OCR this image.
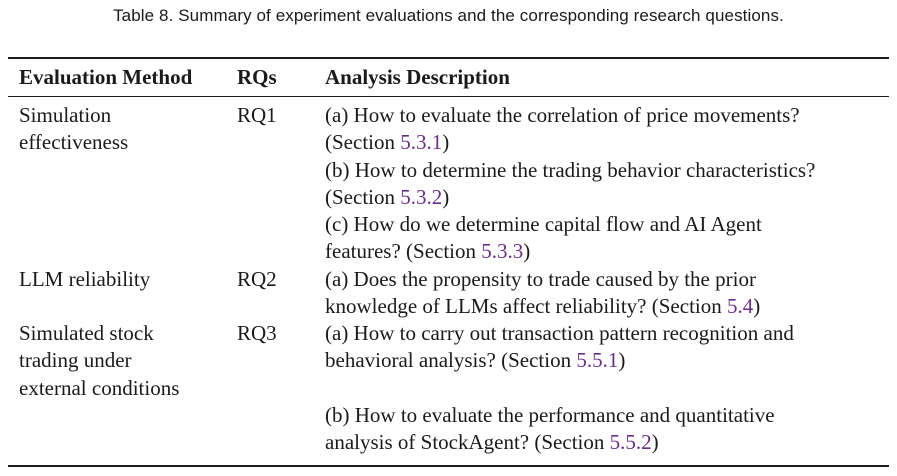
Table 8. Summary of experiment evaluations and the corresponding research questions.
Evaluation Method RQs Analysis Description
Simulation
effectiveness
RQ1 (a) How to evaluate the correlation of price movements?
(Section 5.3.1)
(b) How to determine the trading behavior characteristics?
(Section 5.3.2)
(c) How do we determine capital flow and AI Agent
features? (Section 5.3.3)
LLM reliability	RQ2 (a) Does the propensity to trade caused by the prior
knowledge of LLMs affect reliability? (Section 5.4)
Simulated stock
trading under
external conditions
RQ3 (a) How to carry out transaction pattern recognition and
behavioral analysis? (Section 5.5.1)

(b) How to evaluate the performance and quantitative
analysis of StockAgent? (Section 5.5.2)
